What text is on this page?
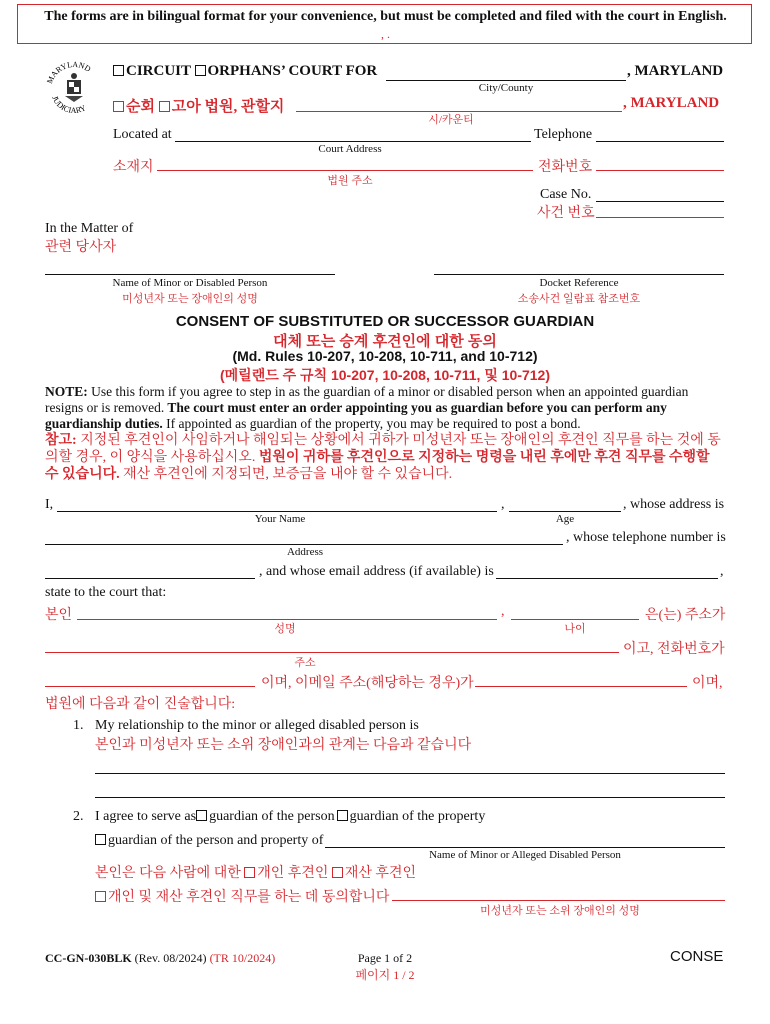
The forms are in bilingual format for your convenience, but must be completed and filed with the court in English.
, .
MARYLAND
JUDICIARY
CIRCUIT ORPHANS’ COURT FOR	, MARYLAND
City/County
순회 고아 법원, 관할지	, MARYLAND
시/카운티
Located at	Telephone
Court Address
소재지	전화번호
법원 주소
Case No.
사건 번호
In the Matter of
관련 당사자
Name of Minor or Disabled Person
미성년자 또는 장애인의 성명
Docket Reference
소송사건 일람표 참조번호
CONSENT OF SUBSTITUTED OR SUCCESSOR GUARDIAN
대체 또는 승계 후견인에 대한 동의
(Md. Rules 10-207, 10-208, 10-711, and 10-712)
(메릴랜드 주 규칙 10-207, 10-208, 10-711, 및 10-712)
NOTE: Use this form if you agree to step in as the guardian of a minor or disabled person when an appointed guardian resigns or is removed. The court must enter an order appointing you as guardian before you can perform any guardianship duties. If appointed as guardian of the property, you may be required to post a bond.
참고: 지정된 후견인이 사임하거나 해임되는 상황에서 귀하가 미성년자 또는 장애인의 후견인 직무를 하는 것에 동의할 경우, 이 양식을 사용하십시오. 법원이 귀하를 후견인으로 지정하는 명령을 내린 후에만 후견 직무를 수행할 수 있습니다. 재산 후견인에 지정되면, 보증금을 내야 할 수 있습니다.
I,	,	, whose address is
Your Name	Age
, whose telephone number is
Address
, and whose email address (if available) is	,
state to the court that:
본인	,	은(는) 주소가
성명	나이
이고, 전화번호가
주소
이며, 이메일 주소(해당하는 경우)가	이며,
법원에 다음과 같이 진술합니다:
1. My relationship to the minor or alleged disabled person is
본인과 미성년자 또는 소위 장애인과의 관계는 다음과 같습니다
2. I agree to serve as guardian of the person guardian of the property
guardian of the person and property of
Name of Minor or Alleged Disabled Person
본인은 다음 사람에 대한 개인 후견인 재산 후견인
개인 및 재산 후견인 직무를 하는 데 동의합니다
미성년자 또는 소위 장애인의 성명
CC-GN-030BLK (Rev. 08/2024) (TR 10/2024)	Page 1 of 2
페이지 1 / 2
CONSE
